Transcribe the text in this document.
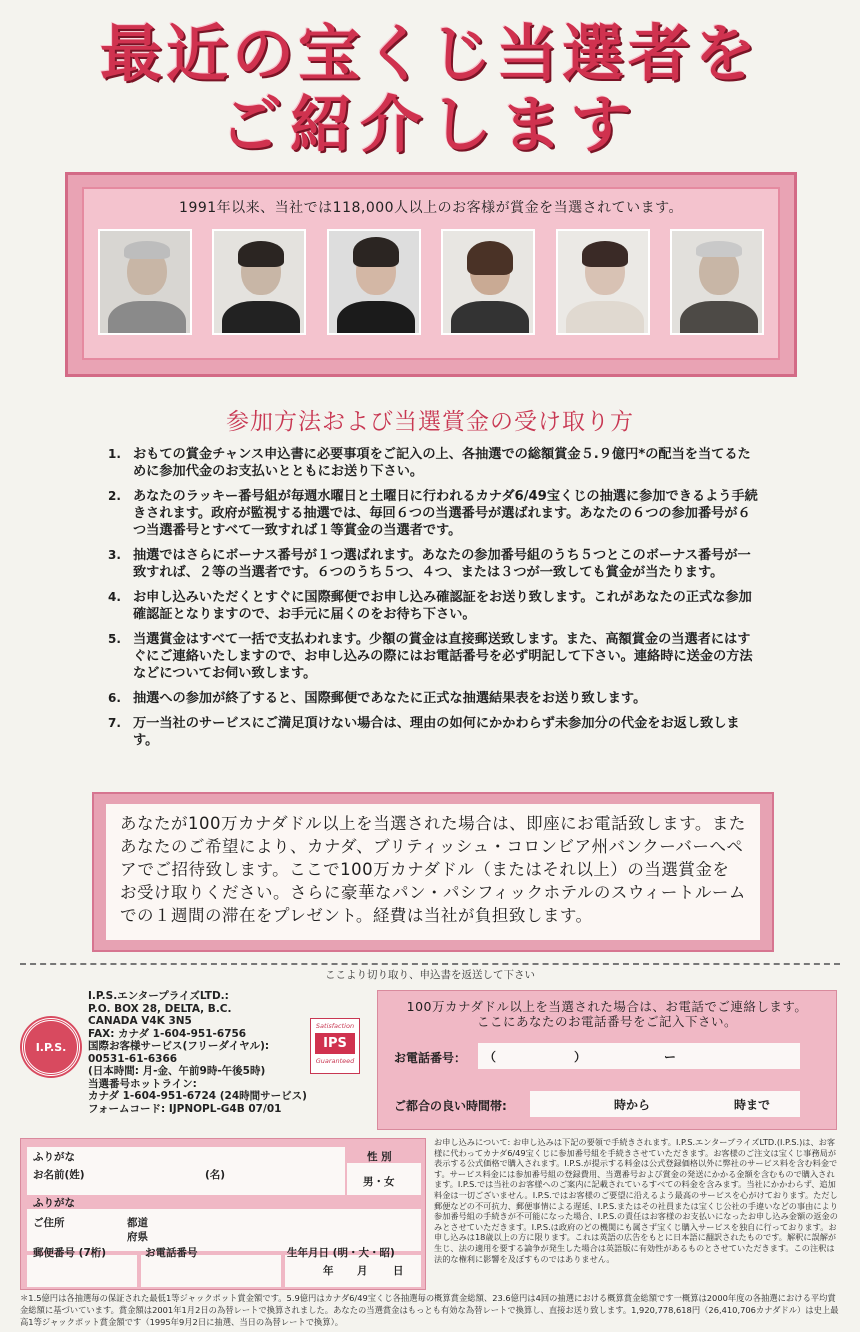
最近の宝くじ当選者を
ご紹介します
1991年以来、当社では118,000人以上のお客様が賞金を当選されています。
参加方法および当選賞金の受け取り方
1. おもての賞金チャンス申込書に必要事項をご記入の上、各抽選での総額賞金５.９億円*の配当を当てるために参加代金のお支払いとともにお送り下さい。
2. あなたのラッキー番号組が毎週水曜日と土曜日に行われるカナダ6/49宝くじの抽選に参加できるよう手続きされます。政府が監視する抽選では、毎回６つの当選番号が選ばれます。あなたの６つの参加番号が６つ当選番号とすべて一致すれば１等賞金の当選者です。
3. 抽選ではさらにボーナス番号が１つ選ばれます。あなたの参加番号組のうち５つとこのボーナス番号が一致すれば、２等の当選者です。６つのうち５つ、４つ、または３つが一致しても賞金が当たります。
4. お申し込みいただくとすぐに国際郵便でお申し込み確認証をお送り致します。これがあなたの正式な参加確認証となりますので、お手元に届くのをお待ち下さい。
5. 当選賞金はすべて一括で支払われます。少額の賞金は直接郵送致します。また、高額賞金の当選者にはすぐにご連絡いたしますので、お申し込みの際にはお電話番号を必ず明記して下さい。連絡時に送金の方法などについてお伺い致します。
6. 抽選への参加が終了すると、国際郵便であなたに正式な抽選結果表をお送り致します。
7. 万一当社のサービスにご満足頂けない場合は、理由の如何にかかわらず未参加分の代金をお返し致します。
あなたが100万カナダドル以上を当選された場合は、即座にお電話致します。またあなたのご希望により、カナダ、ブリティッシュ・コロンビア州バンクーバーへペアでご招待致します。ここで100万カナダドル（またはそれ以上）の当選賞金をお受け取りください。さらに豪華なパン・パシフィックホテルのスウィートルームでの１週間の滞在をプレゼント。経費は当社が負担致します。
ここより切り取り、申込書を返送して下さい
I.P.S.
I.P.S.エンタープライズLTD.:
P.O. BOX 28, DELTA, B.C.
CANADA V4K 3N5
FAX: カナダ 1-604-951-6756
国際お客様サービス(フリーダイヤル):
00531-61-6366
(日本時間: 月-金、午前9時-午後5時)
当選番号ホットライン:
カナダ 1-604-951-6724 (24時間サービス)
フォームコード: IJPNOPL-G4B 07/01
Satisfaction
IPS
Guaranteed
100万カナダドル以上を当選された場合は、お電話でご連絡します。
ここにあなたのお電話番号をご記入下さい。
お電話番号： （	）	ー
ご都合の良い時間帯:	時から	時まで
ふりがな	性 別
お名前(姓)	(名)
男・女
ふりがな
ご住所	都道
府県
郵便番号 (7桁)	お電話番号	生年月日 (明・大・昭)
年 月 日
お申し込みについて: お申し込みは下記の要領で手続きされます。I.P.S.エンタープライズLTD.(I.P.S.)は、お客様に代わってカナダ6/49宝くじに参加番号組を手続きさせていただきます。お客様のご注文は宝くじ事務局が表示する公式価格で購入されます。I.P.S.が提示する料金は公式登録価格以外に弊社のサービス料を含む料金です。サービス料金には参加番号組の登録費用、当選番号および賞金の発送にかかる金額を含むもので購入されます。I.P.S.では当社のお客様へのご案内に記載されているすべての料金を含みます。当社にかかわらず、追加料金は一切ございません。I.P.S.ではお客様のご要望に沿えるよう最高のサービスを心がけております。ただし郵便などの不可抗力、郵便事情による遅延、I.P.S.またはその社員または宝くじ公社の手違いなどの事由により参加番号組の手続きが不可能になった場合、I.P.S.の責任はお客様のお支払いになったお申し込み金額の返金のみとさせていただきます。I.P.S.は政府のどの機関にも属さず宝くじ購入サービスを独自に行っております。お申し込みは18歳以上の方に限ります。これは英語の広告をもとに日本語に翻訳されたものです。解釈に誤解が生じ、法の適用を要する論争が発生した場合は英語版に有効性があるものとさせていただきます。この注釈は法的な権利に影響を及ぼすものではありません。
＊1.5億円は各抽選毎の保証された最低1等ジャックポット賞金額です。5.9億円はカナダ6/49宝くじ各抽選毎の概算賞金総額、23.6億円は4回の抽選における概算賞金総額です一概算は2000年度の各抽選における平均賞金総額に基づいています。賞金額は2001年1月2日の為替レートで換算されました。あなたの当選賞金はもっとも有効な為替レートで換算し、直接お送り致します。1,920,778,618円（26,410,706カナダドル）は史上最高1等ジャックポット賞金額です（1995年9月2日に抽選、当日の為替レートで換算）。
